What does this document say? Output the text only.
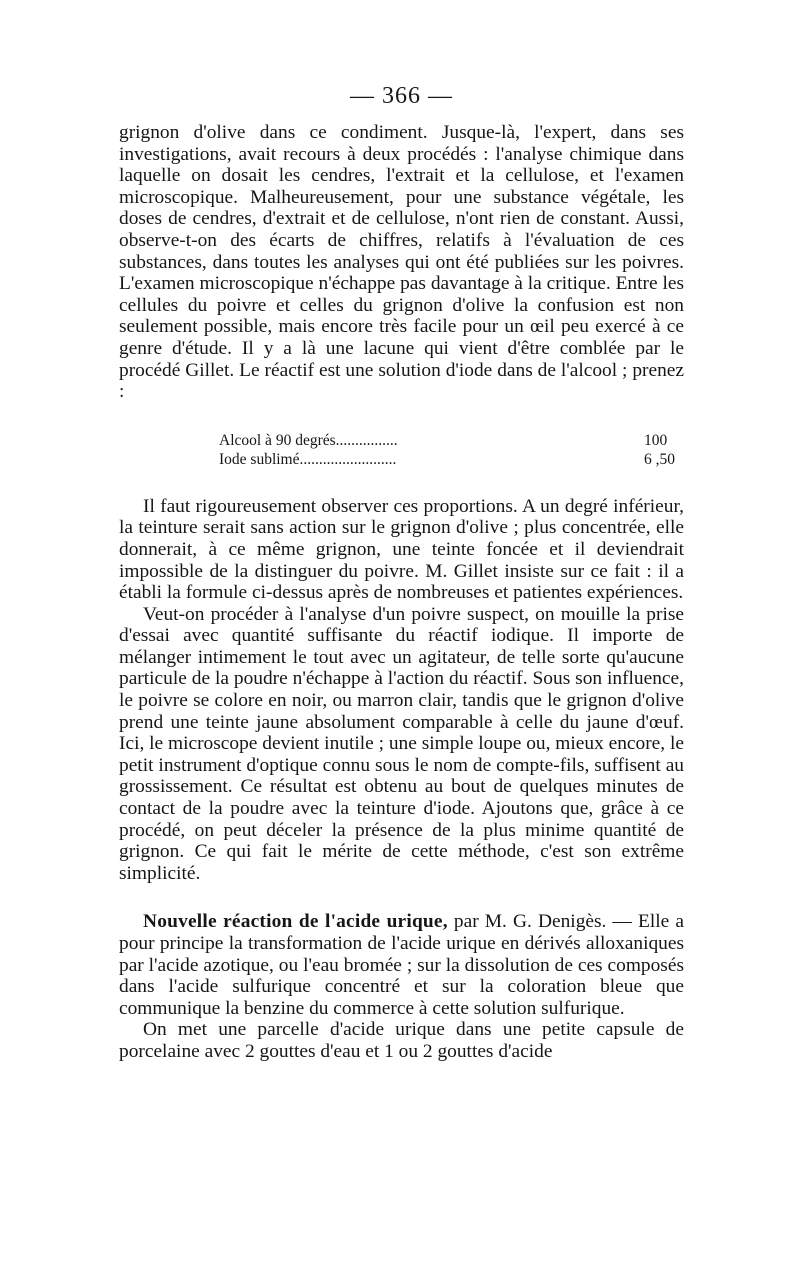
— 366 —

grignon d'olive dans ce condiment. Jusque-là, l'expert, dans ses investigations, avait recours à deux procédés : l'analyse chimique dans laquelle on dosait les cendres, l'extrait et la cellulose, et l'examen microscopique. Malheureusement, pour une substance végétale, les doses de cendres, d'extrait et de cellulose, n'ont rien de constant. Aussi, observe-t-on des écarts de chiffres, relatifs à l'évaluation de ces substances, dans toutes les analyses qui ont été publiées sur les poivres. L'examen microscopique n'échappe pas davantage à la critique. Entre les cellules du poivre et celles du grignon d'olive la confusion est non seulement possible, mais encore très facile pour un œil peu exercé à ce genre d'étude. Il y a là une lacune qui vient d'être comblée par le procédé Gillet. Le réactif est une solution d'iode dans de l'alcool ; prenez :

Alcool à 90 degrés................	100
Iode sublimé.........................	6 ,50

Il faut rigoureusement observer ces proportions. A un degré inférieur, la teinture serait sans action sur le grignon d'olive ; plus concentrée, elle donnerait, à ce même grignon, une teinte foncée et il deviendrait impossible de la distinguer du poivre. M. Gillet insiste sur ce fait : il a établi la formule ci-dessus après de nombreuses et patientes expériences.

Veut-on procéder à l'analyse d'un poivre suspect, on mouille la prise d'essai avec quantité suffisante du réactif iodique. Il importe de mélanger intimement le tout avec un agitateur, de telle sorte qu'aucune particule de la poudre n'échappe à l'action du réactif. Sous son influence, le poivre se colore en noir, ou marron clair, tandis que le grignon d'olive prend une teinte jaune absolument comparable à celle du jaune d'œuf. Ici, le microscope devient inutile ; une simple loupe ou, mieux encore, le petit instrument d'optique connu sous le nom de compte-fils, suffisent au grossissement. Ce résultat est obtenu au bout de quelques minutes de contact de la poudre avec la teinture d'iode. Ajoutons que, grâce à ce procédé, on peut déceler la présence de la plus minime quantité de grignon. Ce qui fait le mérite de cette méthode, c'est son extrême simplicité.

Nouvelle réaction de l'acide urique, par M. G. Denigès. — Elle a pour principe la transformation de l'acide urique en dérivés alloxaniques par l'acide azotique, ou l'eau bromée ; sur la dissolution de ces composés dans l'acide sulfurique concentré et sur la coloration bleue que communique la benzine du commerce à cette solution sulfurique.

On met une parcelle d'acide urique dans une petite capsule de porcelaine avec 2 gouttes d'eau et 1 ou 2 gouttes d'acide
